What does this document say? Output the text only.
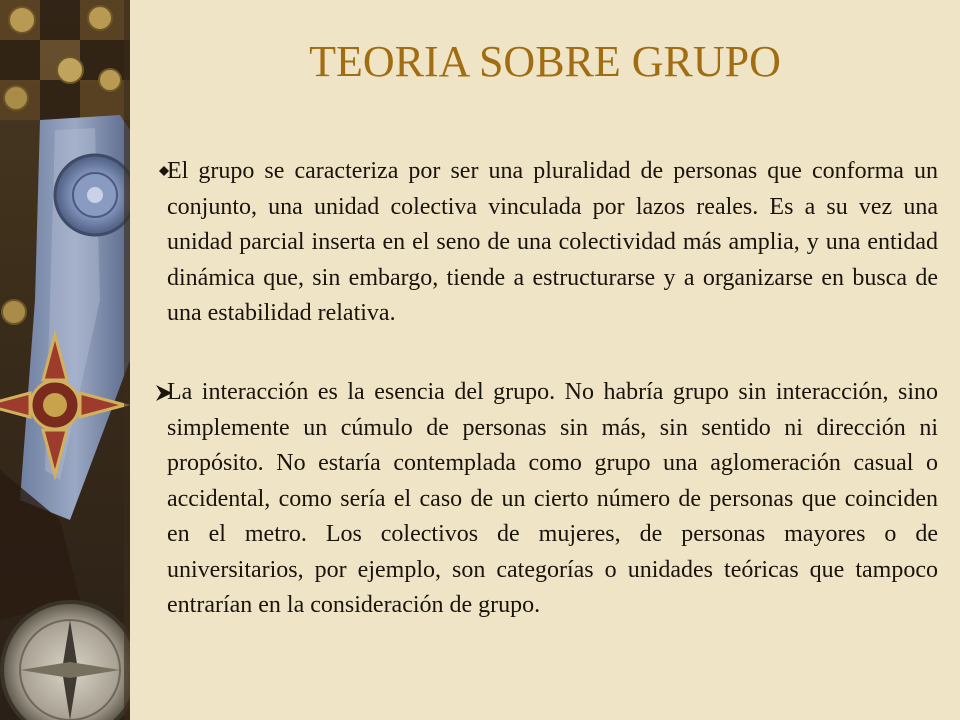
TEORIA SOBRE GRUPO

El grupo se caracteriza por ser una pluralidad de personas que conforma un conjunto, una unidad colectiva vinculada por lazos reales. Es a su vez una unidad parcial inserta en el seno de una colectividad más amplia, y una entidad dinámica que, sin embargo, tiende a estructurarse y a organizarse en busca de una estabilidad relativa.

La interacción es la esencia del grupo. No habría grupo sin interacción, sino simplemente un cúmulo de personas sin más, sin sentido ni dirección ni propósito. No estaría contemplada como grupo una aglomeración casual o accidental, como sería el caso de un cierto número de personas que coinciden en el metro. Los colectivos de mujeres, de personas mayores o de universitarios, por ejemplo, son categorías o unidades teóricas que tampoco entrarían en la consideración de grupo.
